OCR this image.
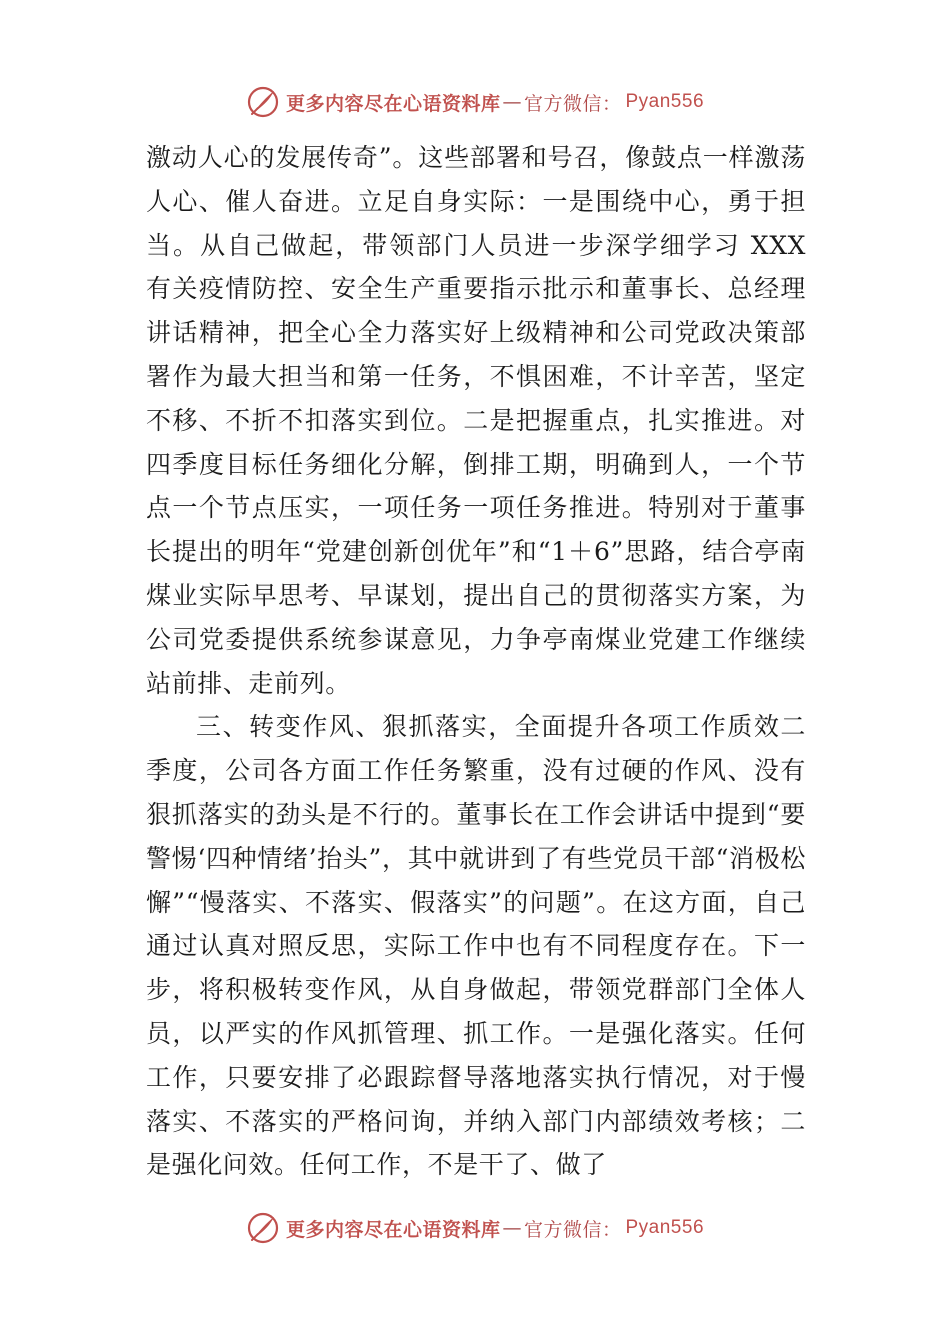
更多内容尽在心语资料库 — 官方微信： Pyan556

激动人心的发展传奇”。这些部署和号召，像鼓点一样激荡人心、催人奋进。立足自身实际：一是围绕中心，勇于担当。从自己做起，带领部门人员进一步深学细学习 XXX 有关疫情防控、安全生产重要指示批示和董事长、总经理讲话精神，把全心全力落实好上级精神和公司党政决策部署作为最大担当和第一任务，不惧困难，不计辛苦，坚定不移、不折不扣落实到位。二是把握重点，扎实推进。对四季度目标任务细化分解，倒排工期，明确到人，一个节点一个节点压实，一项任务一项任务推进。特别对于董事长提出的明年“党建创新创优年”和“1＋6”思路，结合亭南煤业实际早思考、早谋划，提出自己的贯彻落实方案，为公司党委提供系统参谋意见，力争亭南煤业党建工作继续站前排、走前列。

三、转变作风、狠抓落实，全面提升各项工作质效二季度，公司各方面工作任务繁重，没有过硬的作风、没有狠抓落实的劲头是不行的。董事长在工作会讲话中提到“要警惕‘四种情绪’抬头”，其中就讲到了有些党员干部“消极松懈”“慢落实、不落实、假落实”的问题”。在这方面，自己通过认真对照反思，实际工作中也有不同程度存在。下一步，将积极转变作风，从自身做起，带领党群部门全体人员，以严实的作风抓管理、抓工作。一是强化落实。任何工作，只要安排了必跟踪督导落地落实执行情况，对于慢落实、不落实的严格问询，并纳入部门内部绩效考核；二是强化问效。任何工作，不是干了、做了

更多内容尽在心语资料库 — 官方微信： Pyan556
